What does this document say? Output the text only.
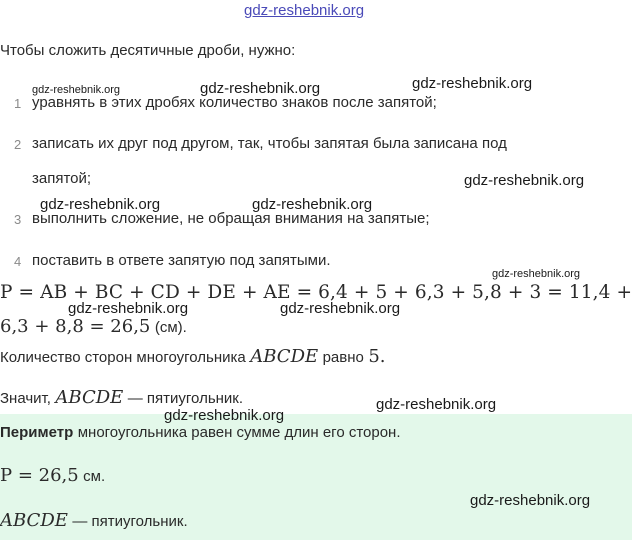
gdz-reshebnik.org
gdz-reshebnik.org	gdz-reshebnik.org	gdz-reshebnik.org
gdz-reshebnik.org
gdz-reshebnik.org	gdz-reshebnik.org
gdz-reshebnik.org
gdz-reshebnik.org	gdz-reshebnik.org
gdz-reshebnik.org
gdz-reshebnik.org
gdz-reshebnik.org
Чтобы сложить десятичные дроби, нужно:
1 уравнять в этих дробях количество знаков после запятой;
2 записать их друг под другом, так, чтобы запятая была записана под
запятой;
3 выполнить сложение, не обращая внимания на запятые;
4 поставить в ответе запятую под запятыми.
P = AB + BC + CD + DE + AE = 6,4 + 5 + 6,3 + 5,8 + 3 = 11,4 +
6,3 + 8,8 = 26,5 (см).
Количество сторон многоугольника ABCDE равно 5.
Значит, ABCDE — пятиугольник.
Периметр многоугольника равен сумме длин его сторон.
P = 26,5 см.
ABCDE — пятиугольник.
